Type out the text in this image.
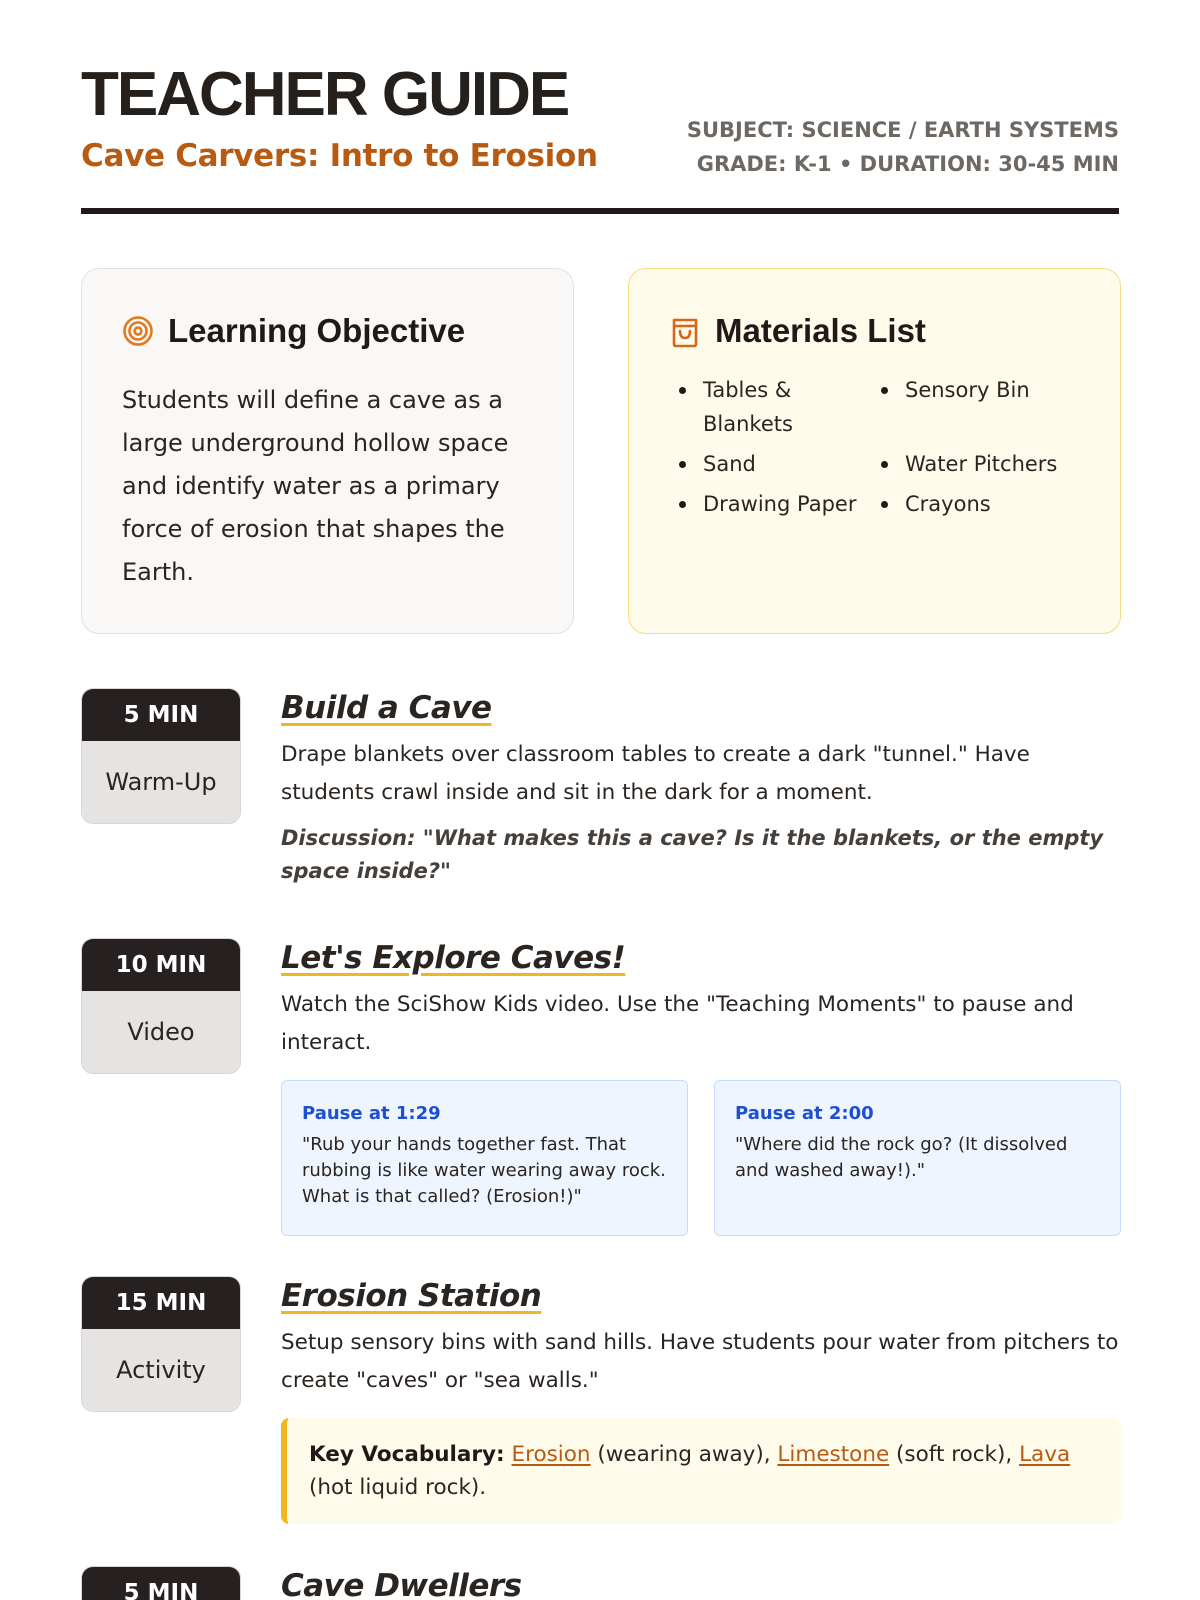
TEACHER GUIDE
Cave Carvers: Intro to Erosion
SUBJECT: SCIENCE / EARTH SYSTEMS
GRADE: K-1 • DURATION: 30-45 MIN
Learning Objective

Students will define a cave as a large underground hollow space and identify water as a primary force of erosion that shapes the Earth.

Materials List
Tables & Blankets
Sensory Bin
Sand	Water Pitchers
Drawing Paper	Crayons
5 MIN
Warm-Up
Build a Cave

Drape blankets over classroom tables to create a dark "tunnel." Have students crawl inside and sit in the dark for a moment.

Discussion: "What makes this a cave? Is it the blankets, or the empty space inside?"

10 MIN
Video
Let's Explore Caves!

Watch the SciShow Kids video. Use the "Teaching Moments" to pause and interact.

Pause at 1:29
"Rub your hands together fast. That rubbing is like water wearing away rock. What is that called? (Erosion!)"
Pause at 2:00
"Where did the rock go? (It dissolved and washed away!)."
15 MIN
Activity
Erosion Station

Setup sensory bins with sand hills. Have students pour water from pitchers to create "caves" or "sea walls."

Key Vocabulary: Erosion (wearing away), Limestone (soft rock), Lava (hot liquid rock).
5 MIN	Cave Dwellers
